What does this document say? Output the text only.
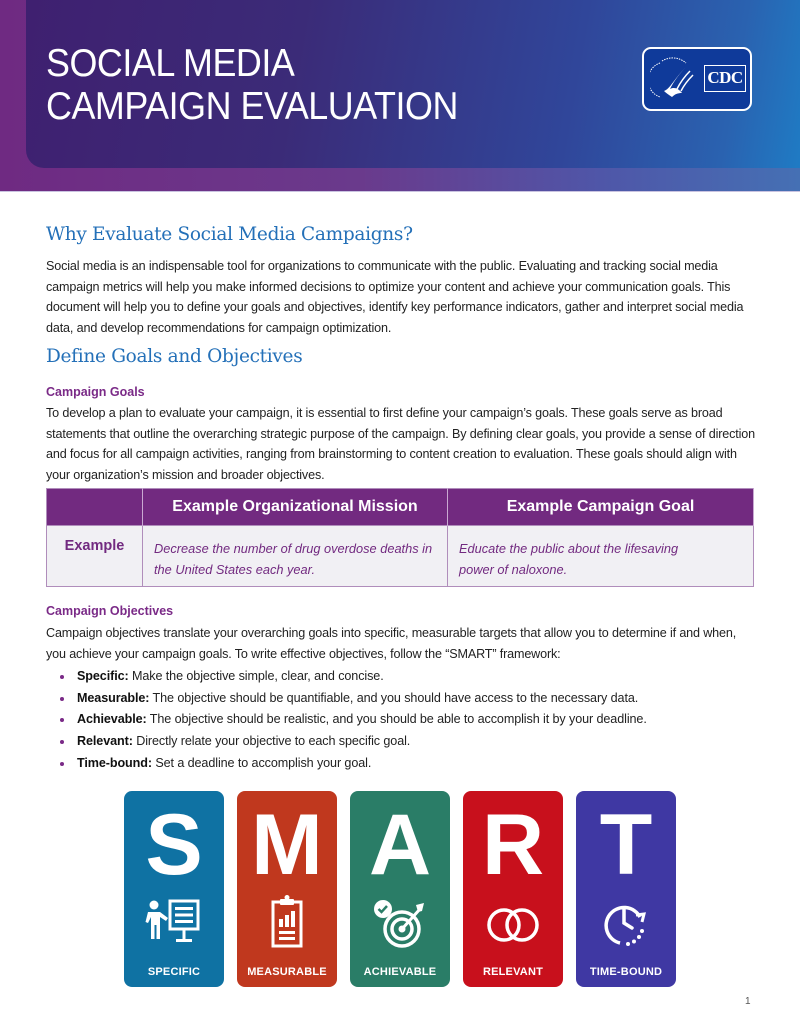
SOCIAL MEDIA
CAMPAIGN EVALUATION
CDC
Why Evaluate Social Media Campaigns?

Social media is an indispensable tool for organizations to communicate with the public. Evaluating and tracking social media campaign metrics will help you make informed decisions to optimize your content and achieve your communication goals. This document will help you to define your goals and objectives, identify key performance indicators, gather and interpret social media data, and develop recommendations for campaign optimization.

Define Goals and Objectives
Campaign Goals

To develop a plan to evaluate your campaign, it is essential to first define your campaign’s goals. These goals serve as broad statements that outline the overarching strategic purpose of the campaign. By defining clear goals, you provide a sense of direction and focus for all campaign activities, ranging from brainstorming to content creation to evaluation. These goals should align with your organization’s mission and broader objectives.

	Example Organizational Mission	Example Campaign Goal
Example	Decrease the number of drug overdose deaths in the United States each year.	Educate the public about the lifesaving power of naloxone.
Campaign Objectives

Campaign objectives translate your overarching goals into specific, measurable targets that allow you to determine if and when, you achieve your campaign goals. To write effective objectives, follow the “SMART” framework:

Specific: Make the objective simple, clear, and concise.
Measurable: The objective should be quantifiable, and you should have access to the necessary data.
Achievable: The objective should be realistic, and you should be able to accomplish it by your deadline.
Relevant: Directly relate your objective to each specific goal.
Time-bound: Set a deadline to accomplish your goal.
S
SPECIFIC
M
MEASURABLE
A
ACHIEVABLE
R
RELEVANT
T
TIME-BOUND
1
